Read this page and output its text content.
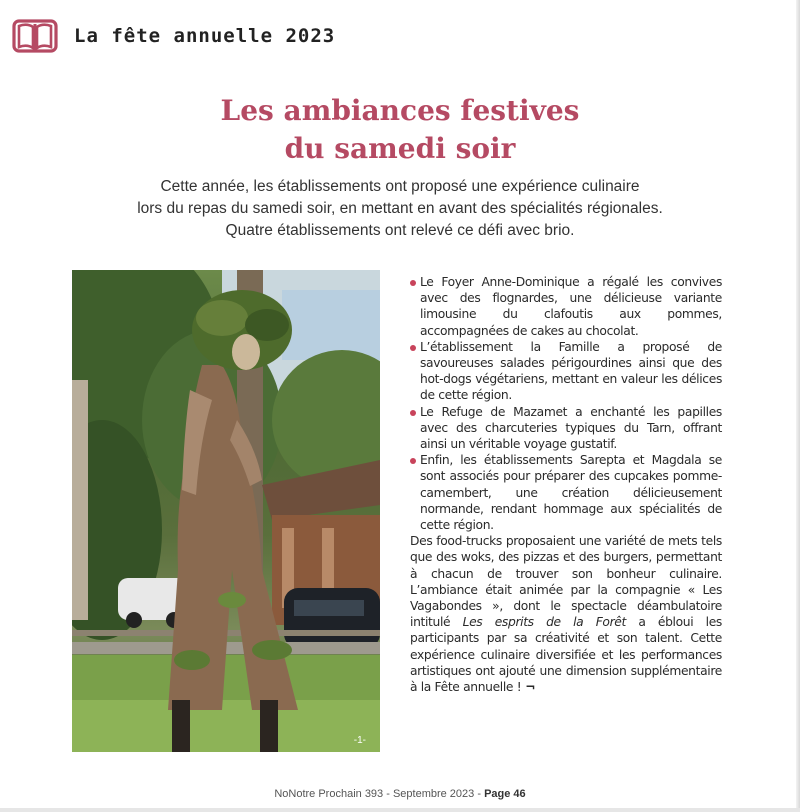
La fête annuelle 2023
Les ambiances festives
du samedi soir
Cette année, les établissements ont proposé une expérience culinaire
lors du repas du samedi soir, en mettant en avant des spécialités régionales.
Quatre établissements ont relevé ce défi avec brio.
-1-
Le Foyer Anne-Dominique a régalé les convives avec des flognardes, une délicieuse variante limousine du clafoutis aux pommes, accompagnées de cakes au chocolat.
L’établissement la Famille a proposé de savoureuses salades périgourdines ainsi que des hot-dogs végétariens, mettant en valeur les délices de cette région.
Le Refuge de Mazamet a enchanté les papilles avec des charcuteries typiques du Tarn, offrant ainsi un véritable voyage gustatif.
Enfin, les établissements Sarepta et Magdala se sont associés pour préparer des cupcakes pomme-camembert, une création délicieusement normande, rendant hommage aux spécialités de cette région.

Des food-trucks proposaient une variété de mets tels que des woks, des pizzas et des burgers, permettant à chacun de trouver son bonheur culinaire. L’ambiance était animée par la compagnie « Les Vagabondes », dont le spectacle déambulatoire intitulé Les esprits de la Forêt a ébloui les participants par sa créativité et son talent. Cette expérience culinaire diversifiée et les performances artistiques ont ajouté une dimension supplémentaire à la Fête annuelle ! ¬

NoNotre Prochain 393 - Septembre 2023 - Page 46
